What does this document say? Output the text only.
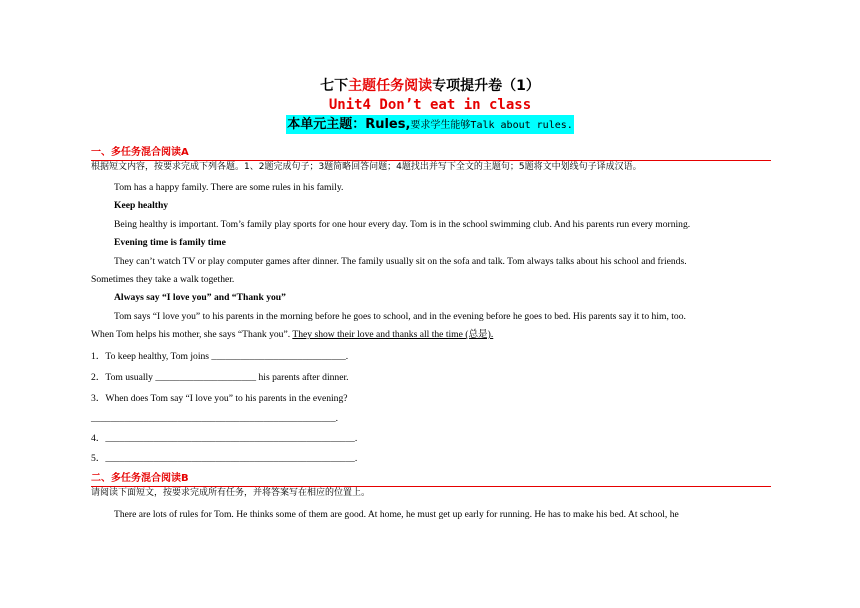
七下主题任务阅读专项提升卷（1）
Unit4 Don’t eat in class
本单元主题：Rules,要求学生能够Talk about rules.
一、多任务混合阅读A
根据短文内容，按要求完成下列各题。1、2题完成句子；3题简略回答问题；4题找出并写下全文的主题句；5题将文中划线句子译成汉语。
Tom has a happy family. There are some rules in his family.
Keep healthy
Being healthy is important. Tom’s family play sports for one hour every day. Tom is in the school swimming club. And his parents run every morning.
Evening time is family time
They can’t watch TV or play computer games after dinner. The family usually sit on the sofa and talk. Tom always talks about his school and friends.
Sometimes they take a walk together.
Always say “I love you” and “Thank you”
Tom says “I love you” to his parents in the morning before he goes to school, and in the evening before he goes to bed. His parents say it to him, too.
When Tom helps his mother, she says “Thank you”. They show their love and thanks all the time (总是).
1．To keep healthy, Tom joins ____________________________.
2．Tom usually _____________________ his parents after dinner.
3．When does Tom say “I love you” to his parents in the evening?
___________________________________________________.
4．____________________________________________________.
5．____________________________________________________.
二、多任务混合阅读B
请阅读下面短文，按要求完成所有任务，并将答案写在相应的位置上。
There are lots of rules for Tom. He thinks some of them are good. At home, he must get up early for running. He has to make his bed. At school, he
